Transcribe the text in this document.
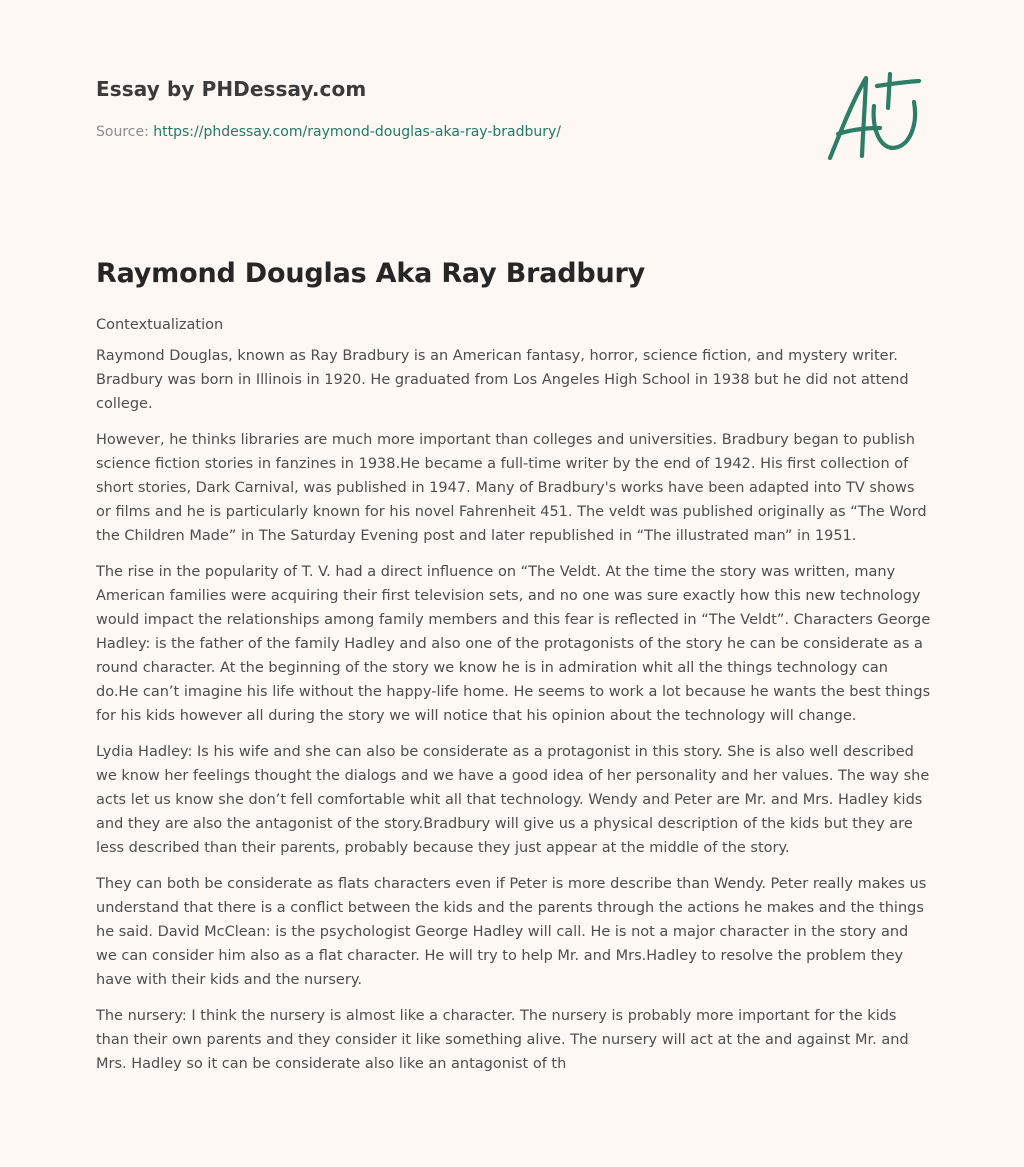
Essay by PHDessay.com
Source: https://phdessay.com/raymond-douglas-aka-ray-bradbury/
Raymond Douglas Aka Ray Bradbury
Contextualization

Raymond Douglas, known as Ray Bradbury is an American fantasy, horror, science fiction, and mystery writer. Bradbury was born in Illinois in 1920. He graduated from Los Angeles High School in 1938 but he did not attend college.

However, he thinks libraries are much more important than colleges and universities. Bradbury began to publish science fiction stories in fanzines in 1938.He became a full-time writer by the end of 1942. His first collection of short stories, Dark Carnival, was published in 1947. Many of Bradbury's works have been adapted into TV shows or films and he is particularly known for his novel Fahrenheit 451. The veldt was published originally as “The Word the Children Made” in The Saturday Evening post and later republished in “The illustrated man” in 1951.

The rise in the popularity of T. V. had a direct influence on “The Veldt. At the time the story was written, many American families were acquiring their first television sets, and no one was sure exactly how this new technology would impact the relationships among family members and this fear is reflected in “The Veldt”. Characters George Hadley: is the father of the family Hadley and also one of the protagonists of the story he can be considerate as a round character. At the beginning of the story we know he is in admiration whit all the things technology can do.He can’t imagine his life without the happy-life home. He seems to work a lot because he wants the best things for his kids however all during the story we will notice that his opinion about the technology will change.

Lydia Hadley: Is his wife and she can also be considerate as a protagonist in this story. She is also well described we know her feelings thought the dialogs and we have a good idea of her personality and her values. The way she acts let us know she don’t fell comfortable whit all that technology. Wendy and Peter are Mr. and Mrs. Hadley kids and they are also the antagonist of the story.Bradbury will give us a physical description of the kids but they are less described than their parents, probably because they just appear at the middle of the story.

They can both be considerate as flats characters even if Peter is more describe than Wendy. Peter really makes us understand that there is a conflict between the kids and the parents through the actions he makes and the things he said. David McClean: is the psychologist George Hadley will call. He is not a major character in the story and we can consider him also as a flat character. He will try to help Mr. and Mrs.Hadley to resolve the problem they have with their kids and the nursery.

The nursery: I think the nursery is almost like a character. The nursery is probably more important for the kids than their own parents and they consider it like something alive. The nursery will act at the and against Mr. and Mrs. Hadley so it can be considerate also like an antagonist of th
